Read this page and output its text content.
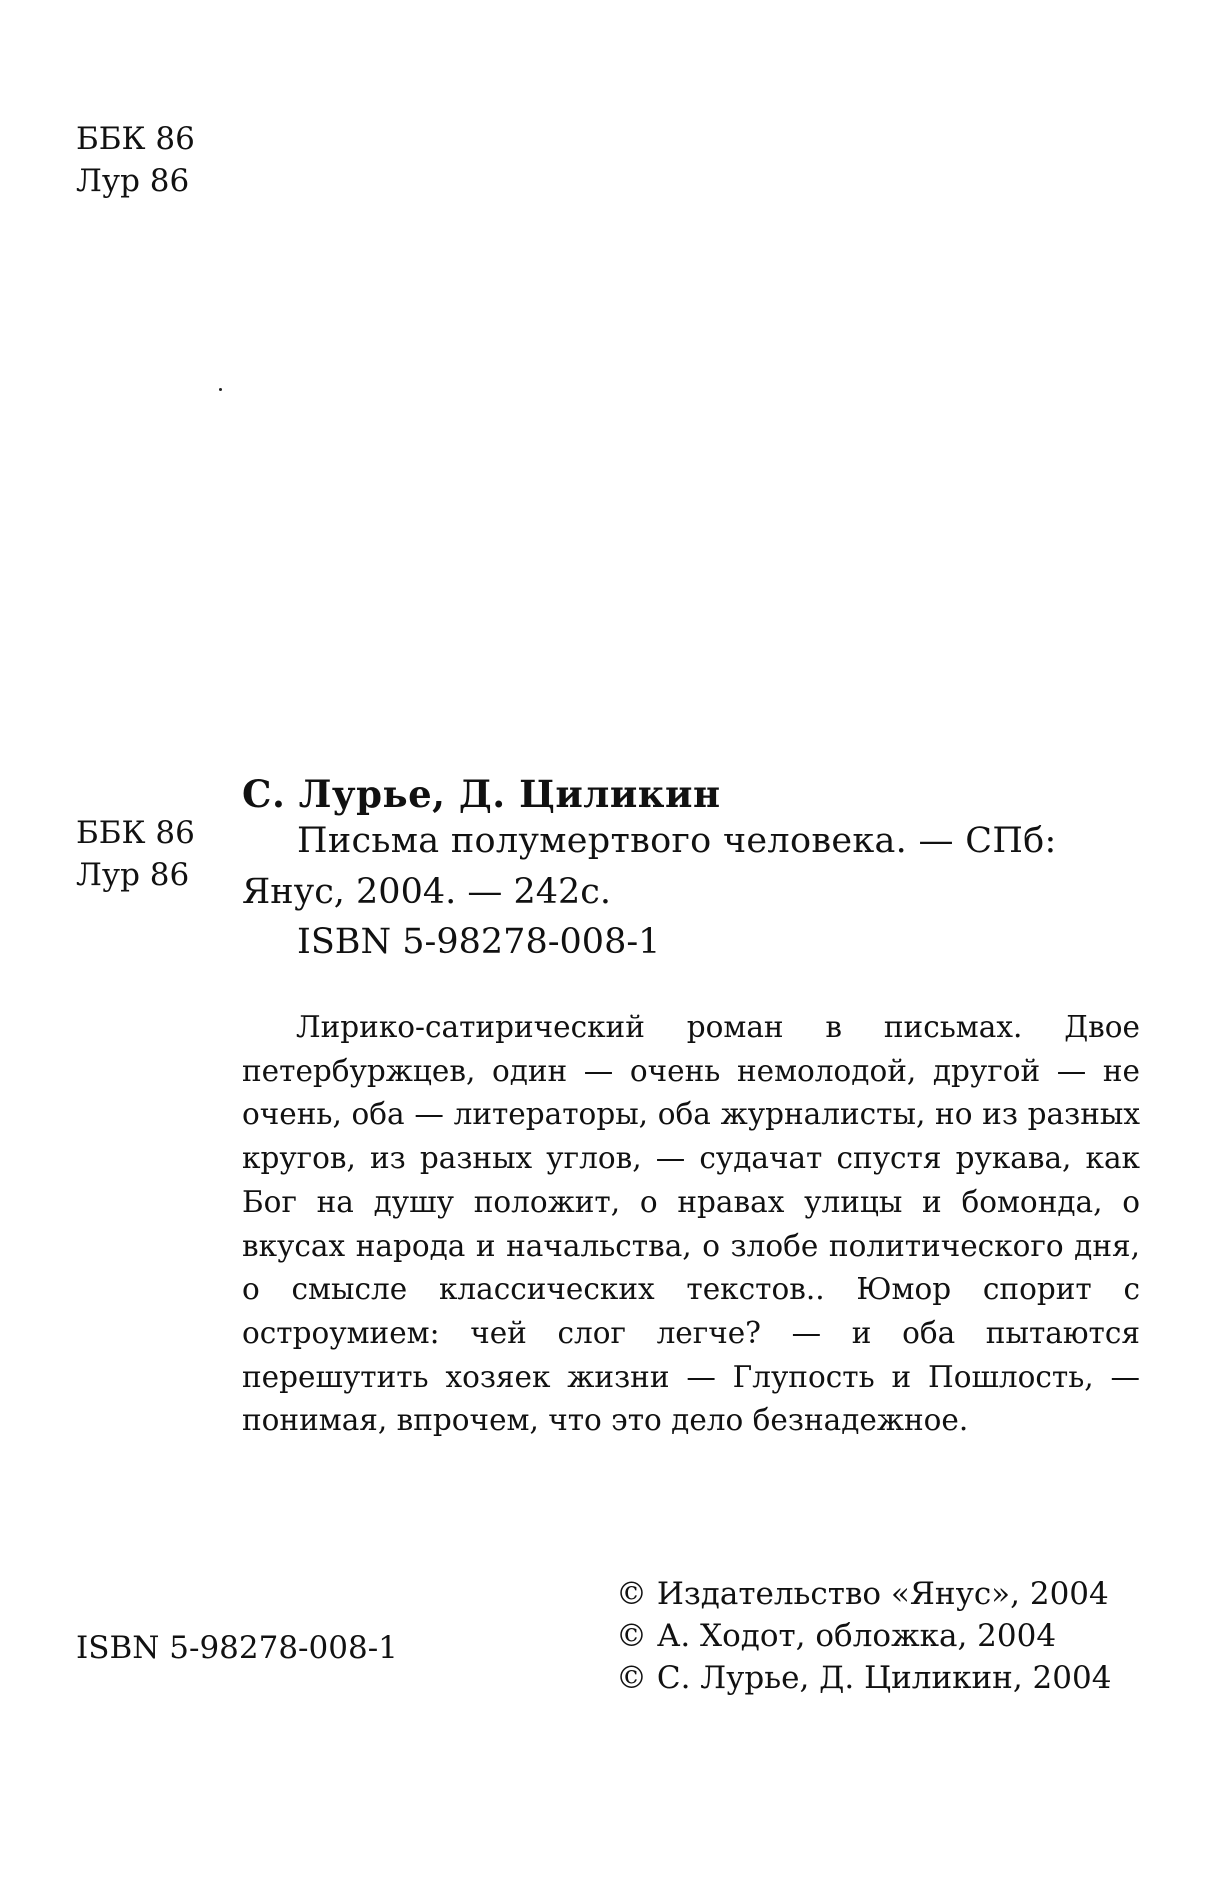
ББК 86
Лур 86
ББК 86
Лур 86
С. Лурье, Д. Циликин
Письма полумертвого человека. — СПб:
Янус, 2004. — 242с.
ISBN 5-98278-008-1
Лирико-сатирический роман в письмах. Двое петербуржцев, один — очень немолодой, другой — не очень, оба — литераторы, оба журналисты, но из разных кругов, из разных углов, — судачат спустя рукава, как Бог на душу положит, о нравах улицы и бомонда, о вкусах народа и начальства, о злобе политического дня, о смысле классических текстов.. Юмор спорит с остроумием: чей слог легче? — и оба пытаются перешутить хозяек жизни — Глупость и Пошлость, — понимая, впрочем, что это дело безнадежное.
ISBN 5-98278-008-1
© Издательство «Янус», 2004
© А. Ходот, обложка, 2004
© С. Лурье, Д. Циликин, 2004
